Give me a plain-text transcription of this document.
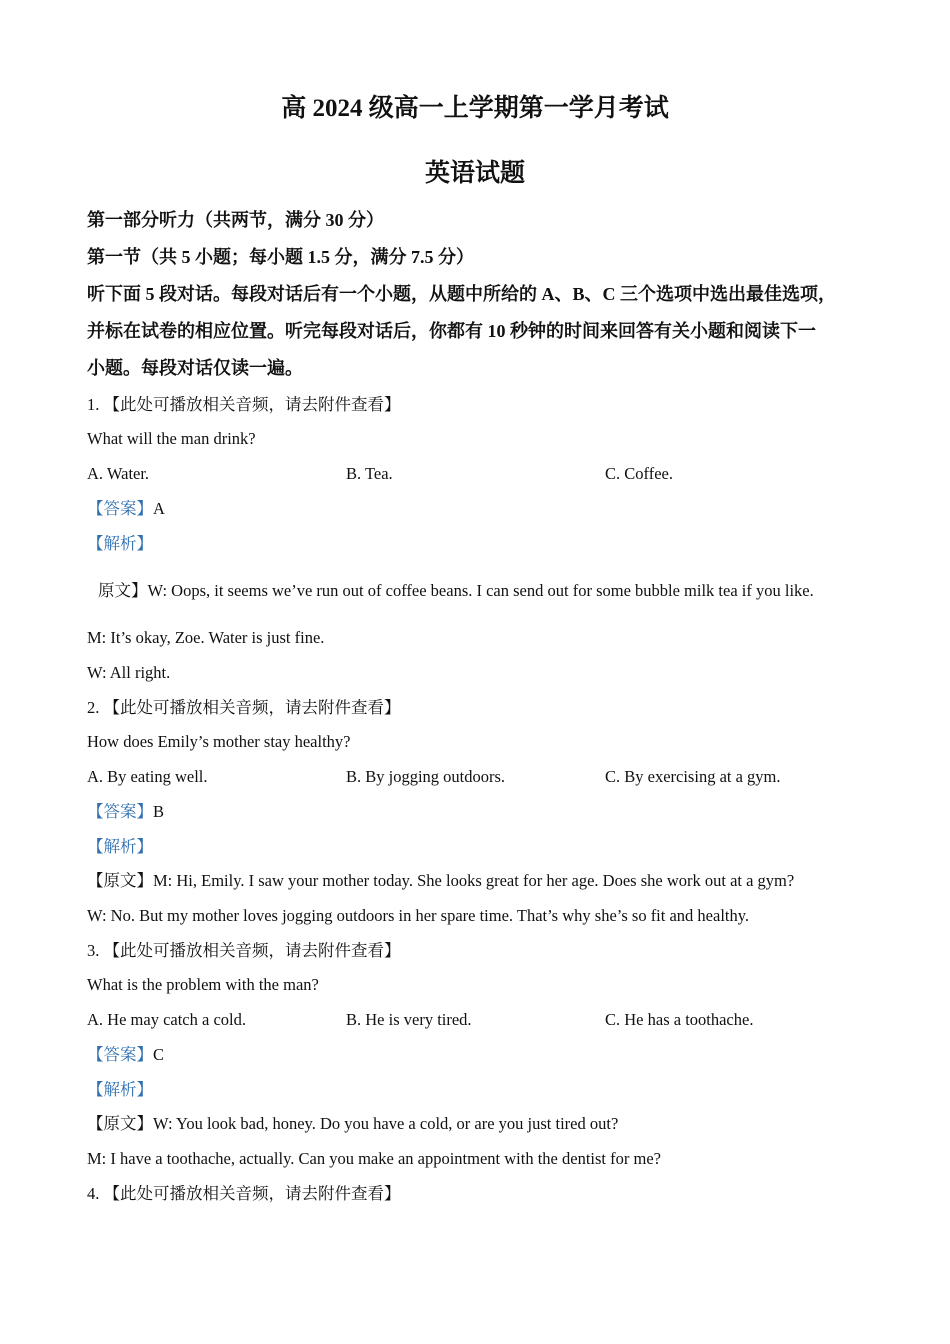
高 2024 级高一上学期第一学月考试
英语试题
第一部分听力（共两节，满分 30 分）
第一节（共 5 小题；每小题 1.5 分，满分 7.5 分）
听下面 5 段对话。每段对话后有一个小题，从题中所给的 A、B、C 三个选项中选出最佳选项，
并标在试卷的相应位置。听完每段对话后，你都有 10 秒钟的时间来回答有关小题和阅读下一
小题。每段对话仅读一遍。
1. 【此处可播放相关音频，请去附件查看】
What will the man drink?
A. Water.	B. Tea.	C. Coffee.
【答案】A
【解析】
原文】W: Oops, it seems we’ve run out of coffee beans. I can send out for some bubble milk tea if you like.
M: It’s okay, Zoe. Water is just fine.
W: All right.
2. 【此处可播放相关音频，请去附件查看】
How does Emily’s mother stay healthy?
A. By eating well.	B. By jogging outdoors.	C. By exercising at a gym.
【答案】B
【解析】
【原文】M: Hi, Emily. I saw your mother today. She looks great for her age. Does she work out at a gym?
W: No. But my mother loves jogging outdoors in her spare time. That’s why she’s so fit and healthy.
3. 【此处可播放相关音频，请去附件查看】
What is the problem with the man?
A. He may catch a cold.	B. He is very tired.	C. He has a toothache.
【答案】C
【解析】
【原文】W: You look bad, honey. Do you have a cold, or are you just tired out?
M: I have a toothache, actually. Can you make an appointment with the dentist for me?
4. 【此处可播放相关音频，请去附件查看】
